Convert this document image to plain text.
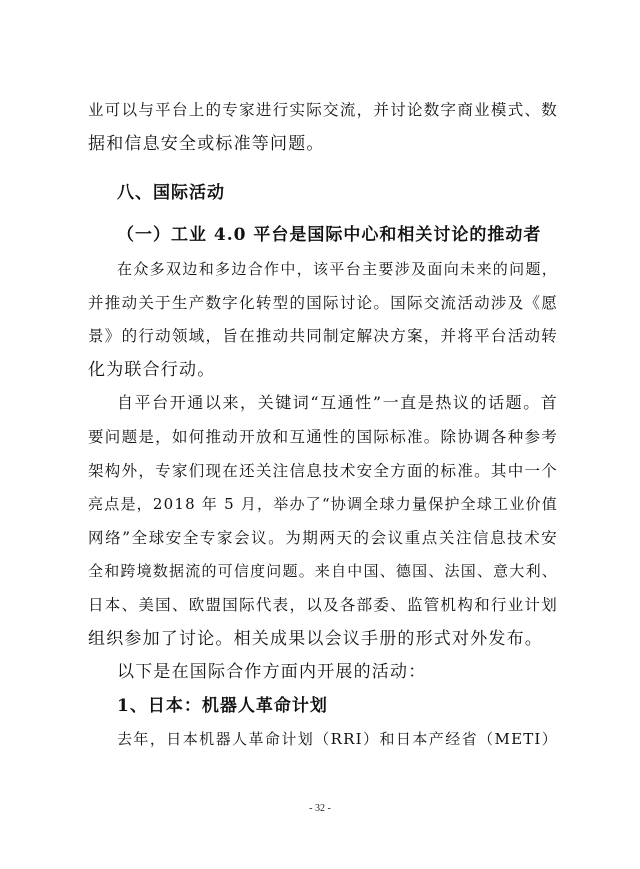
业可以与平台上的专家进行实际交流，并讨论数字商业模式、数
据和信息安全或标准等问题。
八、国际活动
（一）工业 4.0 平台是国际中心和相关讨论的推动者
在众多双边和多边合作中，该平台主要涉及面向未来的问题，
并推动关于生产数字化转型的国际讨论。国际交流活动涉及《愿
景》的行动领域，旨在推动共同制定解决方案，并将平台活动转
化为联合行动。
自平台开通以来，关键词“互通性”一直是热议的话题。首
要问题是，如何推动开放和互通性的国际标准。除协调各种参考
架构外，专家们现在还关注信息技术安全方面的标准。其中一个
亮点是，2018 年 5 月，举办了“协调全球力量保护全球工业价值
网络”全球安全专家会议。为期两天的会议重点关注信息技术安
全和跨境数据流的可信度问题。来自中国、德国、法国、意大利、
日本、美国、欧盟国际代表，以及各部委、监管机构和行业计划
组织参加了讨论。相关成果以会议手册的形式对外发布。
以下是在国际合作方面内开展的活动：
1、日本：机器人革命计划
去年，日本机器人革命计划（RRI）和日本产经省（METI）
- 32 -
